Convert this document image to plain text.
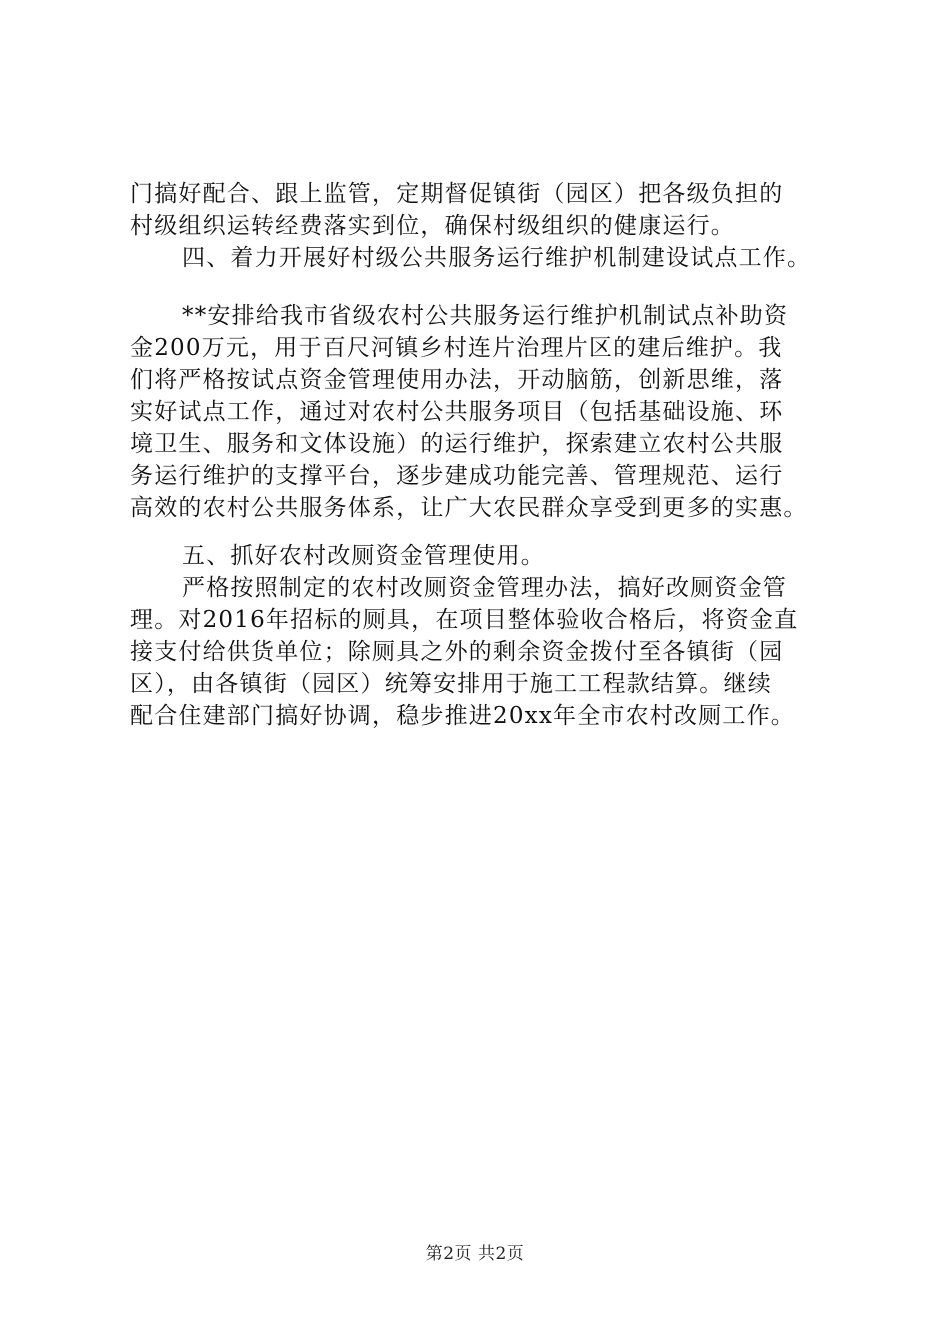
门搞好配合、跟上监管，定期督促镇街（园区）把各级负担的
村级组织运转经费落实到位，确保村级组织的健康运行。
四、着力开展好村级公共服务运行维护机制建设试点工作。
**安排给我市省级农村公共服务运行维护机制试点补助资
金200万元，用于百尺河镇乡村连片治理片区的建后维护。我
们将严格按试点资金管理使用办法，开动脑筋，创新思维，落
实好试点工作，通过对农村公共服务项目（包括基础设施、环
境卫生、服务和文体设施）的运行维护，探索建立农村公共服
务运行维护的支撑平台，逐步建成功能完善、管理规范、运行
高效的农村公共服务体系，让广大农民群众享受到更多的实惠。
五、抓好农村改厕资金管理使用。
严格按照制定的农村改厕资金管理办法，搞好改厕资金管
理。对2016年招标的厕具，在项目整体验收合格后，将资金直
接支付给供货单位；除厕具之外的剩余资金拨付至各镇街（园
区），由各镇街（园区）统筹安排用于施工工程款结算。继续
配合住建部门搞好协调，稳步推进20xx年全市农村改厕工作。
第2页 共2页
